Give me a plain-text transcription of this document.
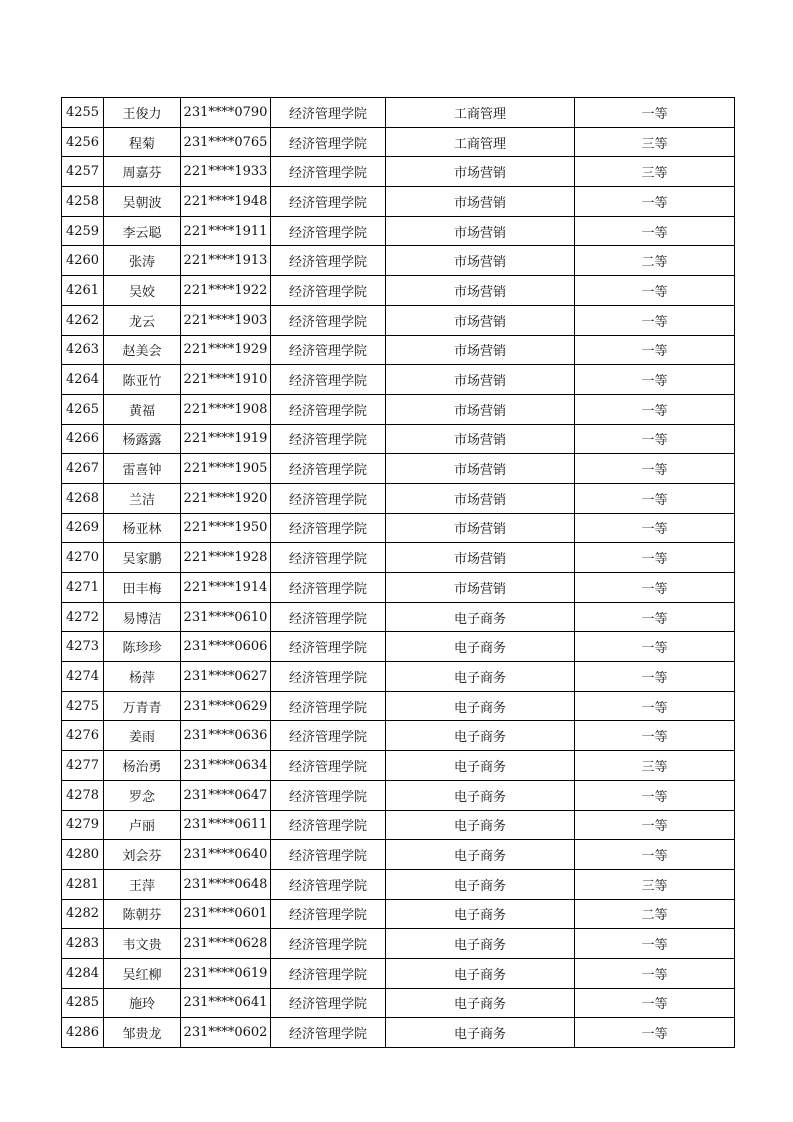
4255	王俊力	231****0790	经济管理学院	工商管理	一等
4256	程菊	231****0765	经济管理学院	工商管理	三等
4257	周嘉芬	221****1933	经济管理学院	市场营销	三等
4258	吴朝波	221****1948	经济管理学院	市场营销	一等
4259	李云聪	221****1911	经济管理学院	市场营销	一等
4260	张涛	221****1913	经济管理学院	市场营销	二等
4261	吴姣	221****1922	经济管理学院	市场营销	一等
4262	龙云	221****1903	经济管理学院	市场营销	一等
4263	赵美会	221****1929	经济管理学院	市场营销	一等
4264	陈亚竹	221****1910	经济管理学院	市场营销	一等
4265	黄福	221****1908	经济管理学院	市场营销	一等
4266	杨露露	221****1919	经济管理学院	市场营销	一等
4267	雷喜钟	221****1905	经济管理学院	市场营销	一等
4268	兰洁	221****1920	经济管理学院	市场营销	一等
4269	杨亚林	221****1950	经济管理学院	市场营销	一等
4270	吴家鹏	221****1928	经济管理学院	市场营销	一等
4271	田丰梅	221****1914	经济管理学院	市场营销	一等
4272	易博洁	231****0610	经济管理学院	电子商务	一等
4273	陈珍珍	231****0606	经济管理学院	电子商务	一等
4274	杨萍	231****0627	经济管理学院	电子商务	一等
4275	万青青	231****0629	经济管理学院	电子商务	一等
4276	姜雨	231****0636	经济管理学院	电子商务	一等
4277	杨治勇	231****0634	经济管理学院	电子商务	三等
4278	罗念	231****0647	经济管理学院	电子商务	一等
4279	卢丽	231****0611	经济管理学院	电子商务	一等
4280	刘会芬	231****0640	经济管理学院	电子商务	一等
4281	王萍	231****0648	经济管理学院	电子商务	三等
4282	陈朝芬	231****0601	经济管理学院	电子商务	二等
4283	韦文贵	231****0628	经济管理学院	电子商务	一等
4284	吴红柳	231****0619	经济管理学院	电子商务	一等
4285	施玲	231****0641	经济管理学院	电子商务	一等
4286	邹贵龙	231****0602	经济管理学院	电子商务	一等
